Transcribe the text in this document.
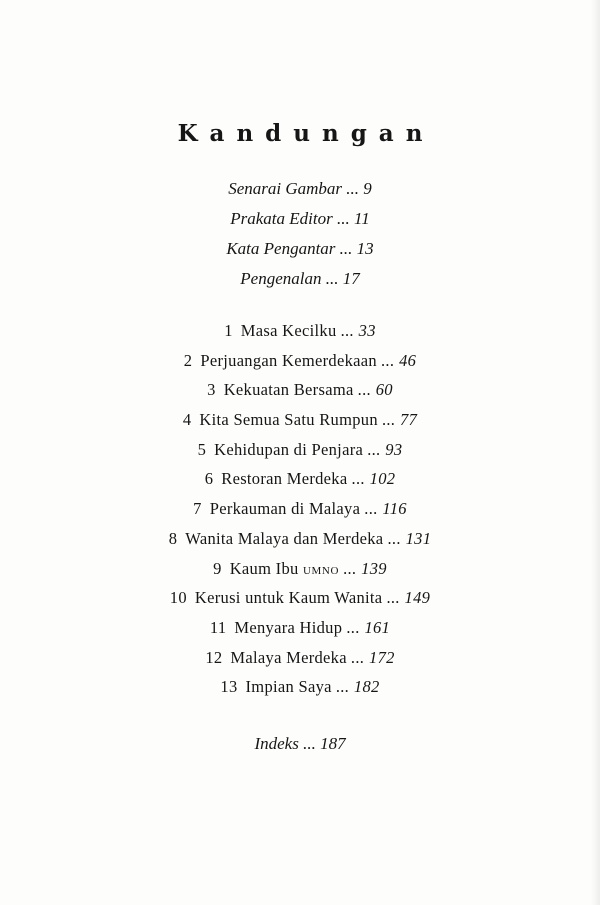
Kandungan
Senarai Gambar ... 9
Prakata Editor ... 11
Kata Pengantar ... 13
Pengenalan ... 17
1 Masa Kecilku ... 33
2 Perjuangan Kemerdekaan ... 46
3 Kekuatan Bersama ... 60
4 Kita Semua Satu Rumpun ... 77
5 Kehidupan di Penjara ... 93
6 Restoran Merdeka ... 102
7 Perkauman di Malaya ... 116
8 Wanita Malaya dan Merdeka ... 131
9 Kaum Ibu UMNO ... 139
10 Kerusi untuk Kaum Wanita ... 149
11 Menyara Hidup ... 161
12 Malaya Merdeka ... 172
13 Impian Saya ... 182
Indeks ... 187
